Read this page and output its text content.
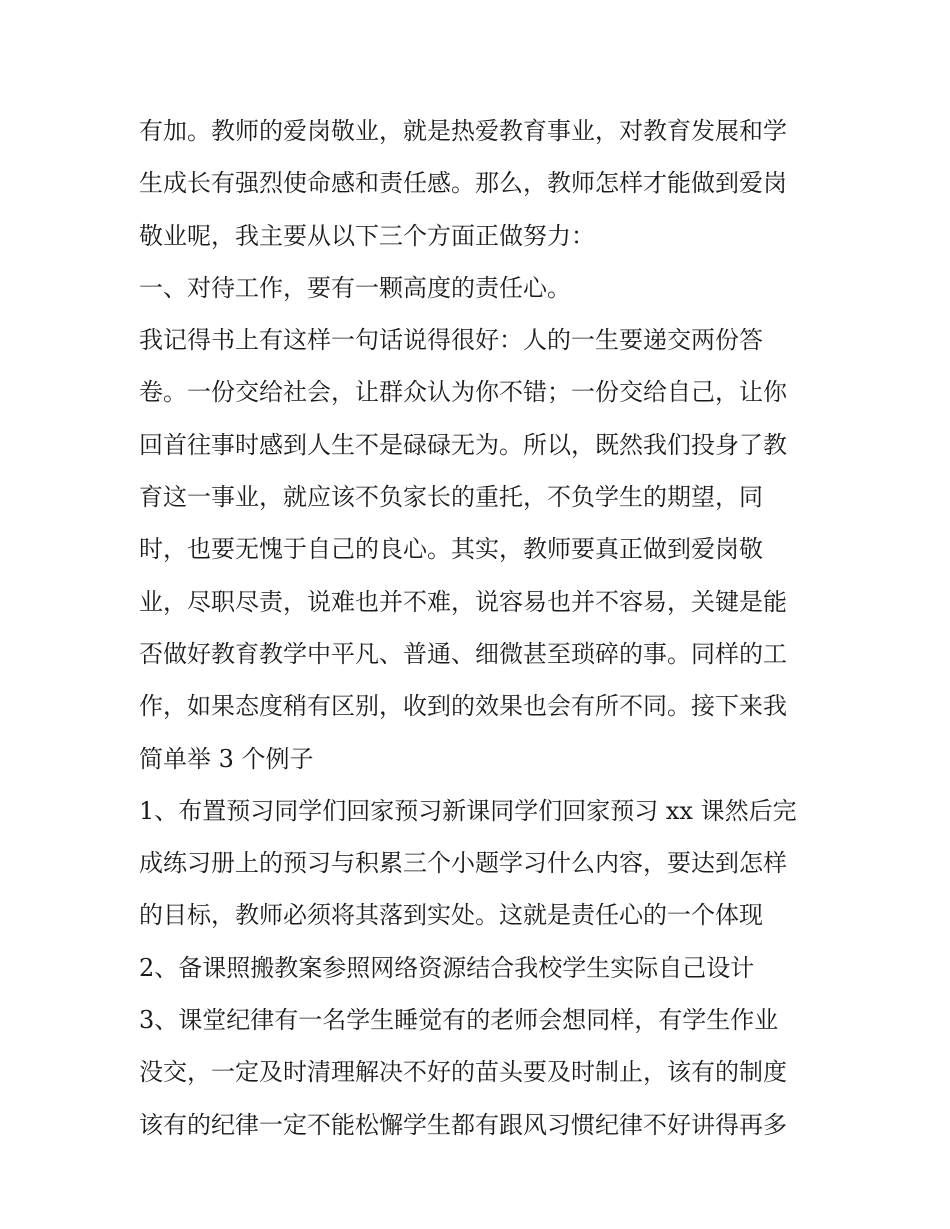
有加。教师的爱岗敬业，就是热爱教育事业，对教育发展和学
生成长有强烈使命感和责任感。那么，教师怎样才能做到爱岗
敬业呢，我主要从以下三个方面正做努力：
一、对待工作，要有一颗高度的责任心。
我记得书上有这样一句话说得很好：人的一生要递交两份答
卷。一份交给社会，让群众认为你不错；一份交给自己，让你
回首往事时感到人生不是碌碌无为。所以，既然我们投身了教
育这一事业，就应该不负家长的重托，不负学生的期望，同
时，也要无愧于自己的良心。其实，教师要真正做到爱岗敬
业，尽职尽责，说难也并不难，说容易也并不容易，关键是能
否做好教育教学中平凡、普通、细微甚至琐碎的事。同样的工
作，如果态度稍有区别，收到的效果也会有所不同。接下来我
简单举 3 个例子
1、布置预习同学们回家预习新课同学们回家预习 xx 课然后完
成练习册上的预习与积累三个小题学习什么内容，要达到怎样
的目标，教师必须将其落到实处。这就是责任心的一个体现
2、备课照搬教案参照网络资源结合我校学生实际自己设计
3、课堂纪律有一名学生睡觉有的老师会想同样，有学生作业
没交，一定及时清理解决不好的苗头要及时制止，该有的制度
该有的纪律一定不能松懈学生都有跟风习惯纪律不好讲得再多
